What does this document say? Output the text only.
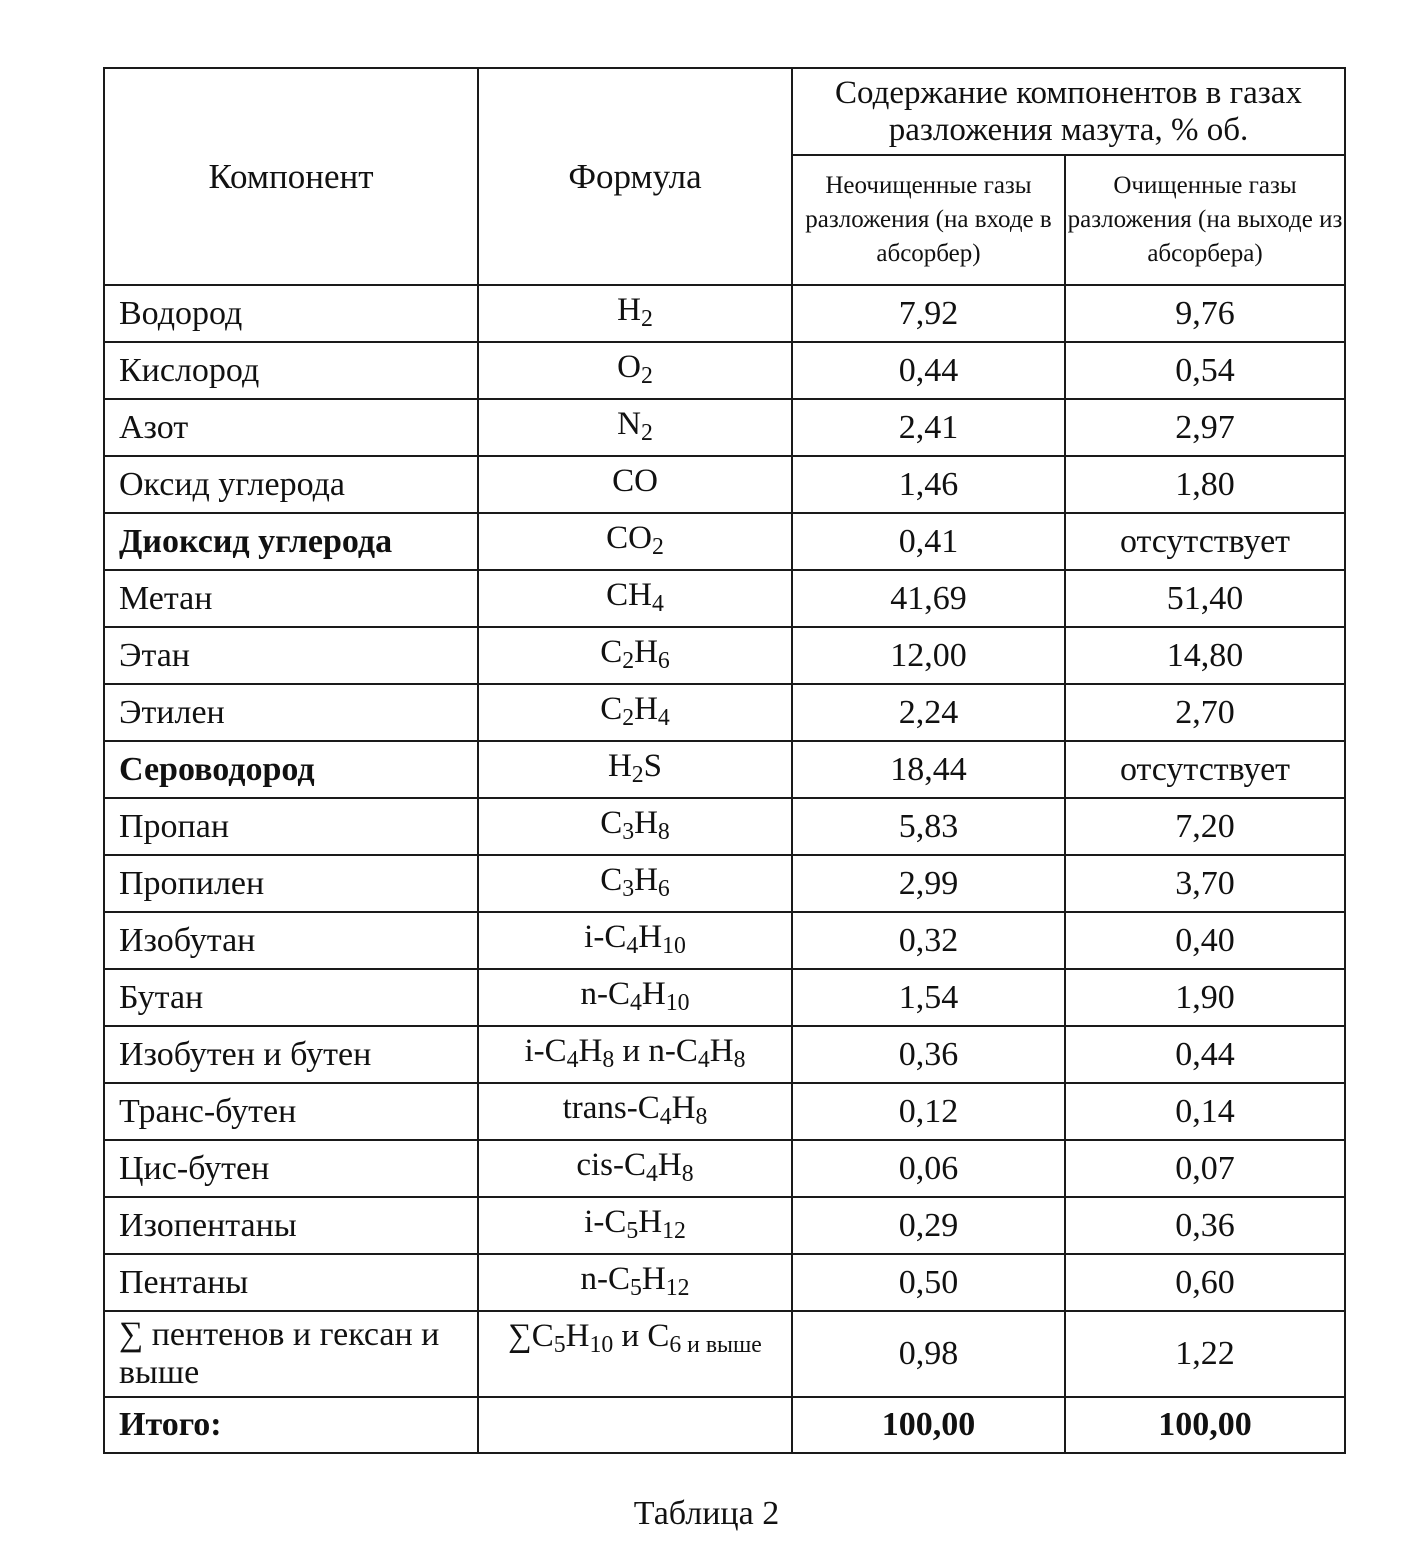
Компонент	Формула	Содержание компонентов в газах разложения мазута, % об.	
		Неочищенные газы разложения (на входе в абсорбер)	Очищенные газы разложения (на выходе из абсорбера)
Водород	$H_2$	7,92	9,76
Кислород	$O_2$	0,44	0,54
Азот	$N_2$	2,41	2,97
Оксид углерода	CO	1,46	1,80
Диоксид углерода	$CO_2$	0,41	отсутствует
Метан	$CH_4$	41,69	51,40
Этан	$C_2H_6$	12,00	14,80
Этилен	$C_2H_4$	2,24	2,70
Сероводород	$H_2S$	18,44	отсутствует
Пропан	$C_3H_8$	5,83	7,20
Пропилен	$C_3H_6$	2,99	3,70
Изобутан	$i-C_4H_{10}$	0,32	0,40
Бутан	$n-C_4H_{10}$	1,54	1,90
Изобутен и бутен	$i-C_4H_8$ и $n-C_4H_8$	0,36	0,44
Транс-бутен	trans-$C_4H_8$	0,12	0,14
Цис-бутен	cis-$C_4H_8$	0,06	0,07
Изопентаны	$i-C_5H_{12}$	0,29	0,36
Пентаны	$n-C_5H_{12}$	0,50	0,60
∑ пентенов и гексан и выше	$\sum C_5H_{10}$ и $C_{6 и выше}$	0,98	1,22
Итого:		100,00	100,00
Таблица 2
